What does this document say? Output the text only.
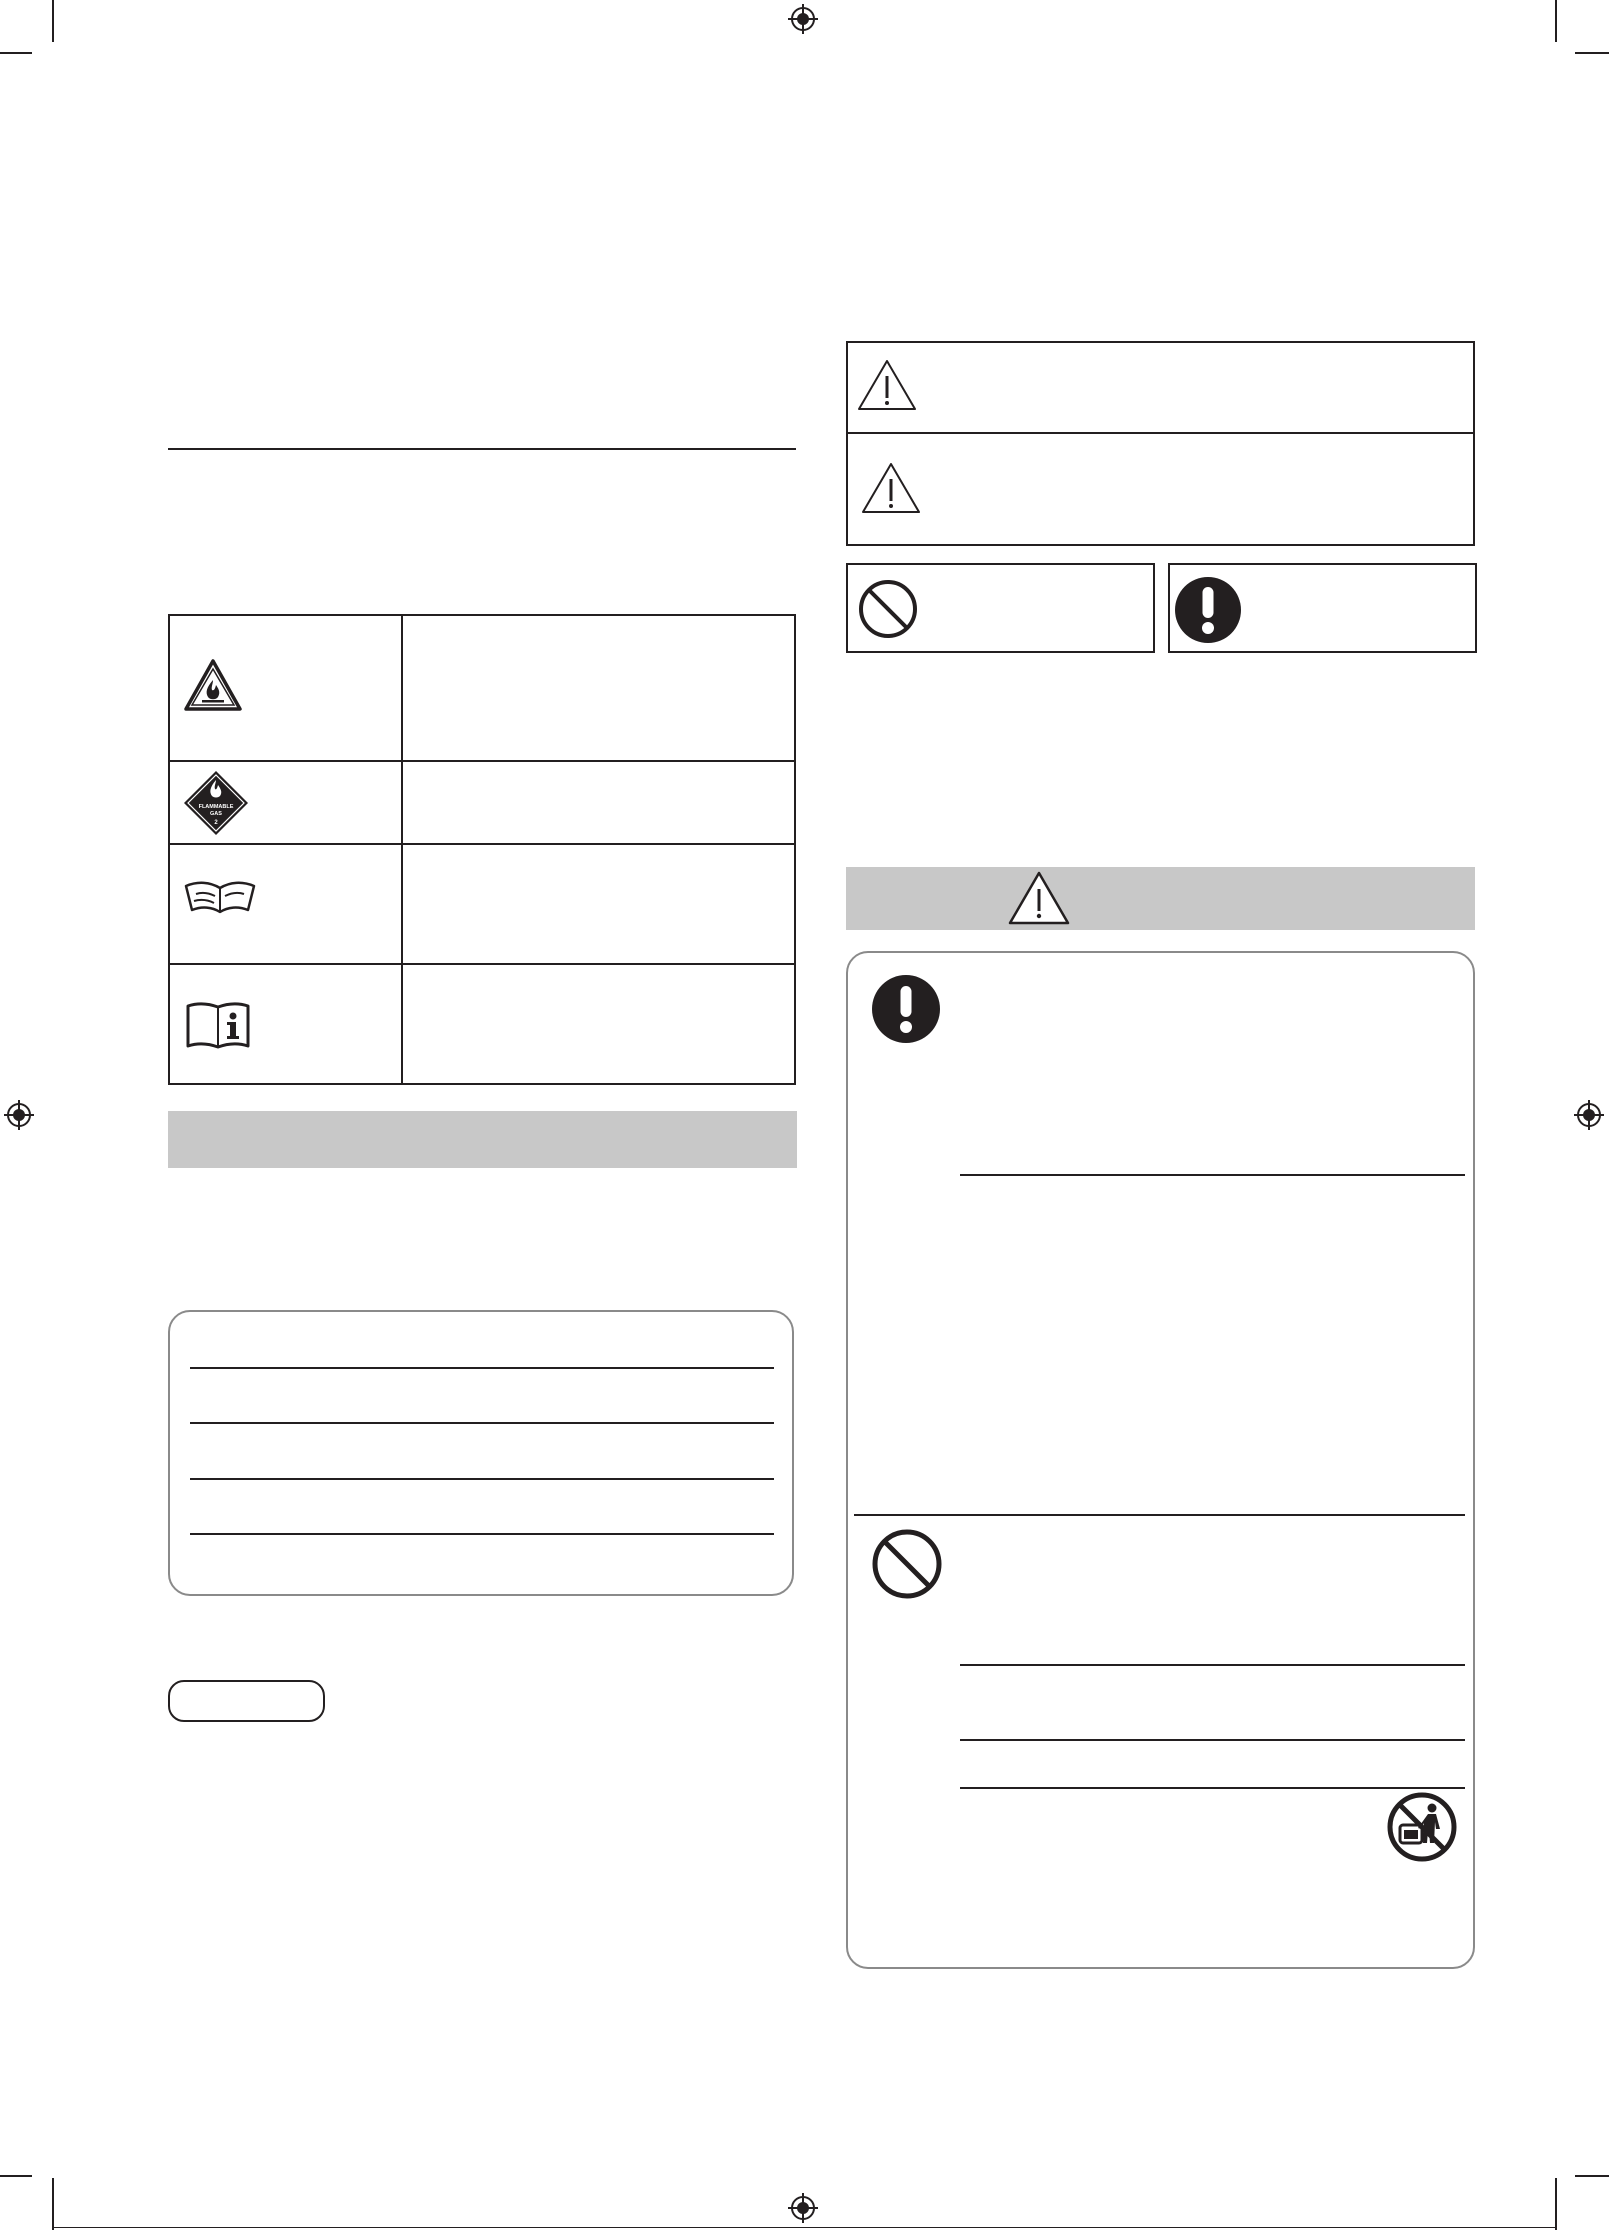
FLAMMABLE
GAS
2
